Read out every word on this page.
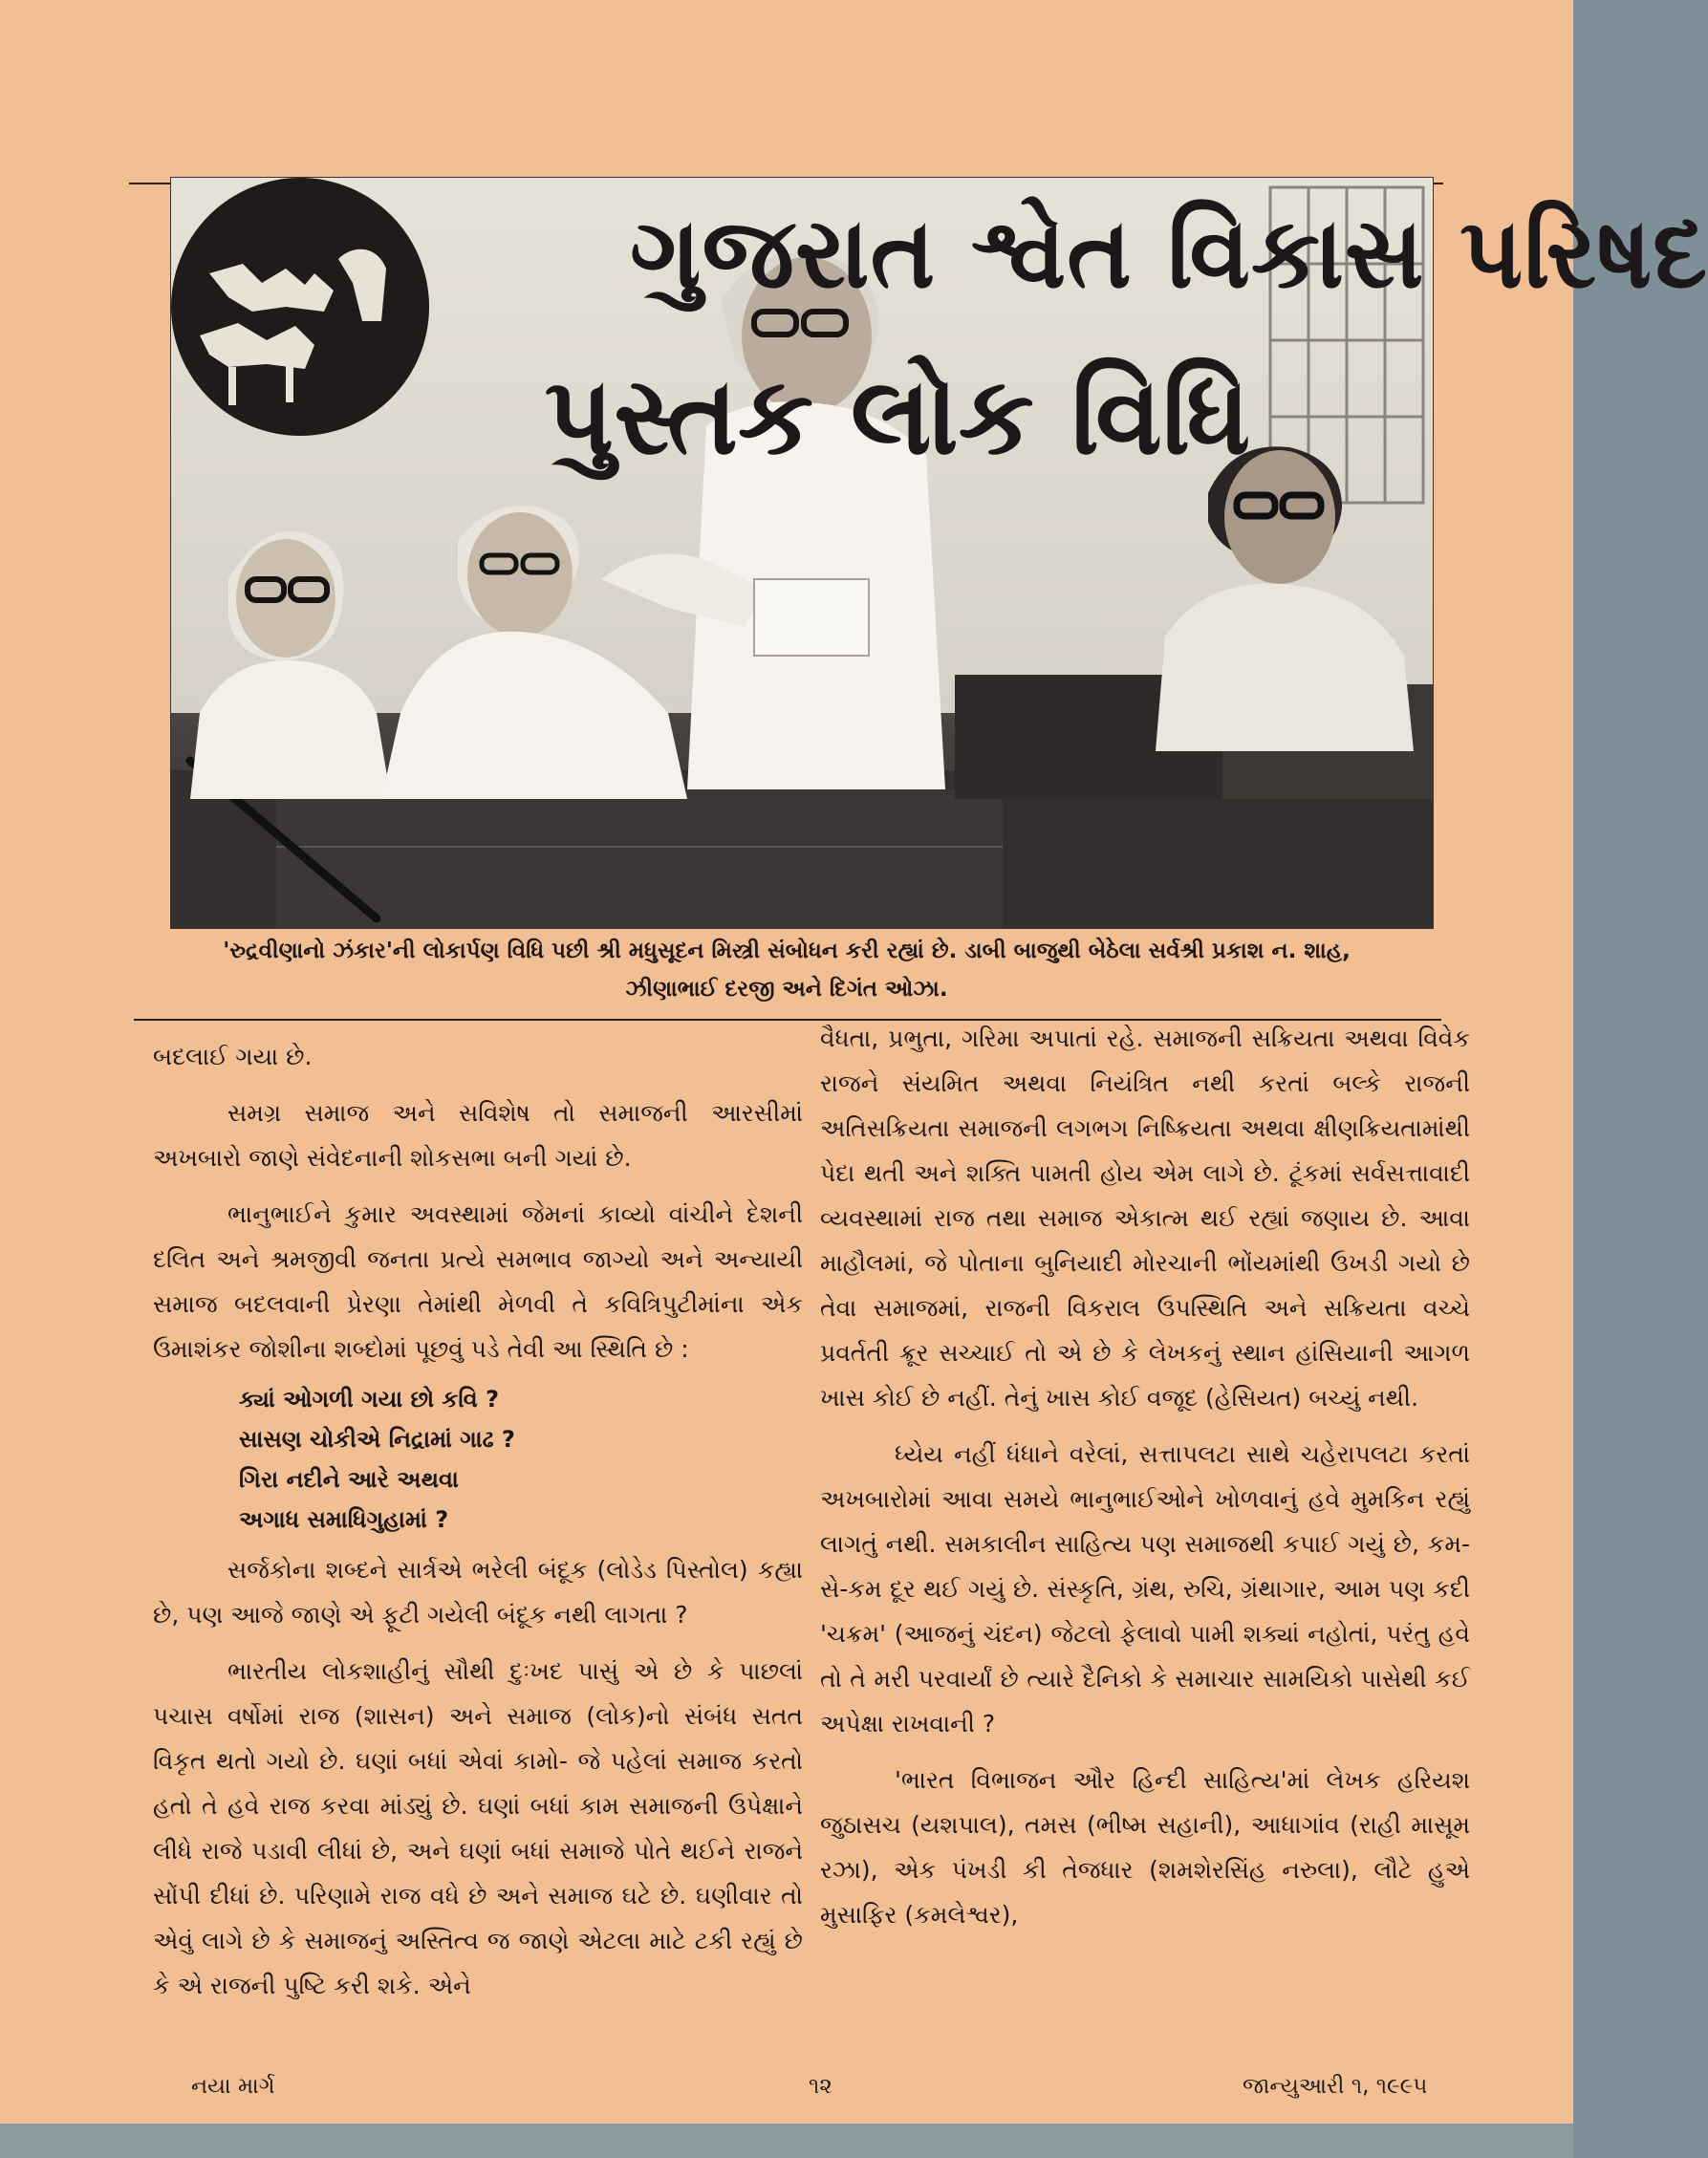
ગુજરાત શ્વેત વિકાસ પરિષદ
પુસ્તક લોક વિધિ
'રુદ્રવીણાનો ઝંકાર'ની લોકાર્પણ વિધિ પછી શ્રી મધુસૂદન મિસ્ત્રી સંબોધન કરી રહ્યાં છે. ડાબી બાજુથી બેઠેલા સર્વશ્રી પ્રકાશ ન. શાહ,
ઝીણાભાઈ દરજી અને દિગંત ઓઝા.

બદલાઈ ગયા છે.

સમગ્ર સમાજ અને સવિશેષ તો સમાજની આરસીમાં અખબારો જાણે સંવેદનાની શોકસભા બની ગયાં છે.

ભાનુભાઈને કુમાર અવસ્થામાં જેમનાં કાવ્યો વાંચીને દેશની દલિત અને શ્રમજીવી જનતા પ્રત્યે સમભાવ જાગ્યો અને અન્યાયી સમાજ બદલવાની પ્રેરણા તેમાંથી મેળવી તે કવિત્રિપુટીમાંના એક ઉમાશંકર જોશીના શબ્દોમાં પૂછવું પડે તેવી આ સ્થિતિ છે :

ક્યાં ઓગળી ગયા છો કવિ ?
સાસણ ચોકીએ નિદ્રામાં ગાઢ ?
ગિરા નદીને આરે અથવા
અગાધ સમાધિગુહામાં ?

સર્જકોના શબ્દને સાર્ત્રએ ભરેલી બંદૂક (લોડેડ પિસ્તોલ) કહ્યા છે, પણ આજે જાણે એ ફૂટી ગયેલી બંદૂક નથી લાગતા ?

ભારતીય લોકશાહીનું સૌથી દુઃખદ પાસું એ છે કે પાછલાં પચાસ વર્ષોમાં રાજ (શાસન) અને સમાજ (લોક)નો સંબંધ સતત વિકૃત થતો ગયો છે. ઘણાં બધાં એવાં કામો- જે પહેલાં સમાજ કરતો હતો તે હવે રાજ કરવા માંડ્યું છે. ઘણાં બધાં કામ સમાજની ઉપેક્ષાને લીધે રાજે પડાવી લીધાં છે, અને ઘણાં બધાં સમાજે પોતે થઈને રાજને સોંપી દીધાં છે. પરિણામે રાજ વધે છે અને સમાજ ઘટે છે. ઘણીવાર તો એવું લાગે છે કે સમાજનું અસ્તિત્વ જ જાણે એટલા માટે ટકી રહ્યું છે કે એ રાજની પુષ્ટિ કરી શકે. એને

વૈધતા, પ્રભુતા, ગરિમા અપાતાં રહે. સમાજની સક્રિયતા અથવા વિવેક રાજને સંયમિત અથવા નિયંત્રિત નથી કરતાં બલ્કે રાજની અતિસક્રિયતા સમાજની લગભગ નિષ્ક્રિયતા અથવા ક્ષીણક્રિયતામાંથી પેદા થતી અને શક્તિ પામતી હોય એમ લાગે છે. ટૂંકમાં સર્વસત્તાવાદી વ્યવસ્થામાં રાજ તથા સમાજ એકાત્મ થઈ રહ્યાં જણાય છે. આવા માહૌલમાં, જે પોતાના બુનિયાદી મોરચાની ભોંયમાંથી ઉખડી ગયો છે તેવા સમાજમાં, રાજની વિકરાલ ઉપસ્થિતિ અને સક્રિયતા વચ્ચે પ્રવર્તતી ક્રૂર સચ્ચાઈ તો એ છે કે લેખકનું સ્થાન હાંસિયાની આગળ ખાસ કોઈ છે નહીં. તેનું ખાસ કોઈ વજૂદ (હેસિયત) બચ્યું નથી.

ધ્યેય નહીં ધંધાને વરેલાં, સત્તાપલટા સાથે ચહેરાપલટા કરતાં અખબારોમાં આવા સમયે ભાનુભાઈઓને ખોળવાનું હવે મુમકિન રહ્યું લાગતું નથી. સમકાલીન સાહિત્ય પણ સમાજથી કપાઈ ગયું છે, કમ-સે-કમ દૂર થઈ ગયું છે. સંસ્કૃતિ, ગ્રંથ, રુચિ, ગ્રંથાગાર, આમ પણ કદી 'ચક્રમ' (આજનું ચંદન) જેટલો ફેલાવો પામી શક્યાં નહોતાં, પરંતુ હવે તો તે મરી પરવાર્યાં છે ત્યારે દૈનિકો કે સમાચાર સામયિકો પાસેથી કઈ અપેક્ષા રાખવાની ?

'ભારત વિભાજન ઔર હિન્દી સાહિત્ય'માં લેખક હરિયશ જુઠાસચ (યશપાલ), તમસ (ભીષ્મ સહાની), આધાગાંવ (રાહી માસૂમ રઝા), એક પંખડી કી તેજધાર (શમશેરસિંહ નરુલા), લૌટે હુએ મુસાફિર (કમલેશ્વર),

નયા માર્ગ	૧૨	જાન્યુઆરી ૧, ૧૯૯૫
